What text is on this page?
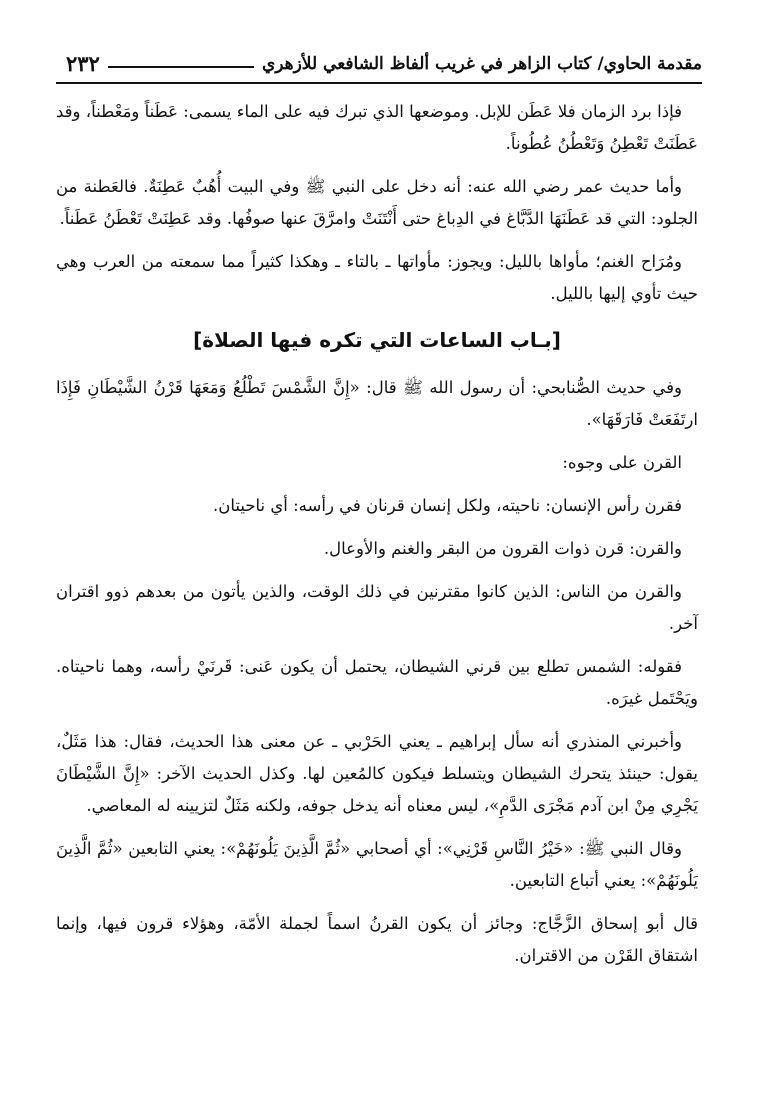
مقدمة الحاوي/ كتاب الزاهر في غريب ألفاظ الشافعي للأزهري
٢٣٢

فإذا برد الزمان فلا عَطَن للإبل. وموضعها الذي تبرك فيه على الماء يسمى: عَطَناً ومَعْطناً، وقد عَطَنَتْ تَعْطِنُ وَتَعْطُنُ عُطُوناً.

وأما حديث عمر رضي الله عنه: أنه دخل على النبي ﷺ وفي البيت أُهُبٌ عَطِنَةٌ. فالعَطنة من الجلود: التي قد عَطَنَهَا الدَّبَّاغ في الدِباغ حتى أَنْتَنَتْ وامرَّقَ عنها صوفُها. وقد عَطِنَتْ تَعْطَنُ عَطَناً.

ومُرَاح الغنم؛ مأواها بالليل: ويجوز: مأواتها ـ بالتاء ـ وهكذا كثيراً مما سمعته من العرب وهي حيث تأوي إليها بالليل.

[بـاب الساعات التي تكره فيها الصلاة]

وفي حديث الصُّنابحي: أن رسول الله ﷺ قال: «إِنَّ الشَّمْسَ تَطْلُعُ وَمَعَهَا قَرْنُ الشَّيْطَانِ فَإِذَا ارتَفَعَتْ فَارَقَهَا».

القرن على وجوه:

فقرن رأس الإنسان: ناحيته، ولكل إنسان قرنان في رأسه: أي ناحيتان.

والقرن: قرن ذوات القرون من البقر والغنم والأوعال.

والقرن من الناس: الذين كانوا مقترنين في ذلك الوقت، والذين يأتون من بعدهم ذوو اقتران آخر.

فقوله: الشمس تطلع بين قرني الشيطان، يحتمل أن يكون عَنى: قَرنَيْ رأسه، وهما ناحيتاه. ويَحْتَمل غيرَه.

وأخبرني المنذري أنه سأل إبراهيم ـ يعني الحَرْبي ـ عن معنى هذا الحديث، فقال: هذا مَثَلٌ، يقول: حينئذ يتحرك الشيطان ويتسلط فيكون كالمُعين لها. وكذل الحديث الآخر: «إِنَّ الشَّيْطَانَ يَجْرِي مِنْ ابن آدم مَجْرَى الدَّمِ»، ليس معناه أنه يدخل جوفه، ولكنه مَثَلٌ لتزيينه له المعاصي.

وقال النبي ﷺ: «خَيْرُ النَّاسِ قَرْنِي»: أي أصحابي «ثُمَّ الَّذِينَ يَلُونَهُمْ»: يعني التابعين «ثُمَّ الَّذِينَ يَلُونَهُمْ»: يعني أتباع التابعين.

قال أبو إسحاق الزَّجَّاج: وجائز أن يكون القرنُ اسماً لجملة الأمّة، وهؤلاء قرون فيها، وإنما اشتقاق القَرْن من الاقتران.
